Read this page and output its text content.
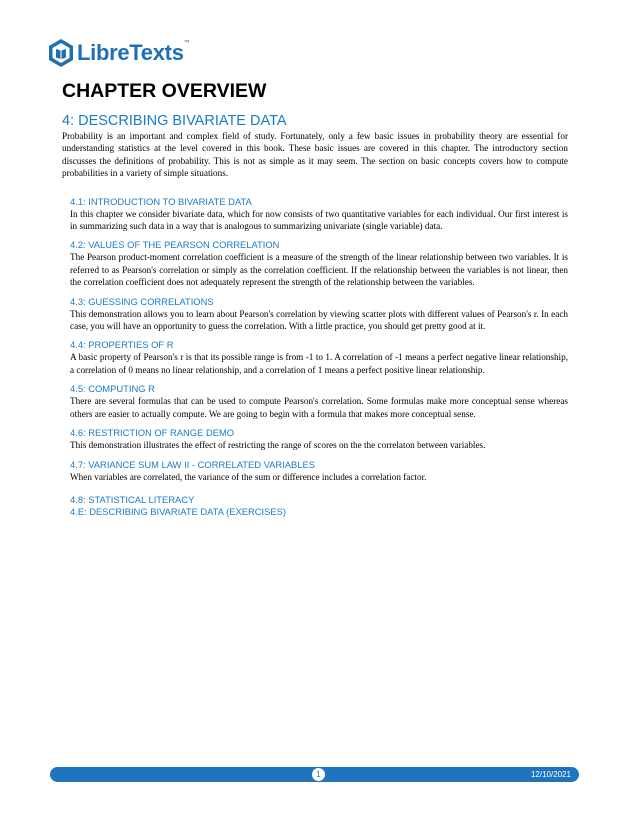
LibreTexts™
CHAPTER OVERVIEW
4: DESCRIBING BIVARIATE DATA

Probability is an important and complex field of study. Fortunately, only a few basic issues in probability theory are essential for understanding statistics at the level covered in this book. These basic issues are covered in this chapter. The introductory section discusses the definitions of probability. This is not as simple as it may seem. The section on basic concepts covers how to compute probabilities in a variety of simple situations.

4.1: INTRODUCTION TO BIVARIATE DATA

In this chapter we consider bivariate data, which for now consists of two quantitative variables for each individual. Our first interest is in summarizing such data in a way that is analogous to summarizing univariate (single variable) data.

4.2: VALUES OF THE PEARSON CORRELATION

The Pearson product-moment correlation coefficient is a measure of the strength of the linear relationship between two variables. It is referred to as Pearson's correlation or simply as the correlation coefficient. If the relationship between the variables is not linear, then the correlation coefficient does not adequately represent the strength of the relationship between the variables.

4.3: GUESSING CORRELATIONS

This demonstration allows you to learn about Pearson's correlation by viewing scatter plots with different values of Pearson's r. In each case, you will have an opportunity to guess the correlation. With a little practice, you should get pretty good at it.

4.4: PROPERTIES OF R

A basic property of Pearson's r is that its possible range is from -1 to 1. A correlation of -1 means a perfect negative linear relationship, a correlation of 0 means no linear relationship, and a correlation of 1 means a perfect positive linear relationship.

4.5: COMPUTING R

There are several formulas that can be used to compute Pearson's correlation. Some formulas make more conceptual sense whereas others are easier to actually compute. We are going to begin with a formula that makes more conceptual sense.

4.6: RESTRICTION OF RANGE DEMO

This demonstration illustrates the effect of restricting the range of scores on the the correlaton between variables.

4.7: VARIANCE SUM LAW II - CORRELATED VARIABLES

When variables are correlated, the variance of the sum or difference includes a correlation factor.

4.8: STATISTICAL LITERACY
4.E: DESCRIBING BIVARIATE DATA (EXERCISES)
1	12/10/2021
